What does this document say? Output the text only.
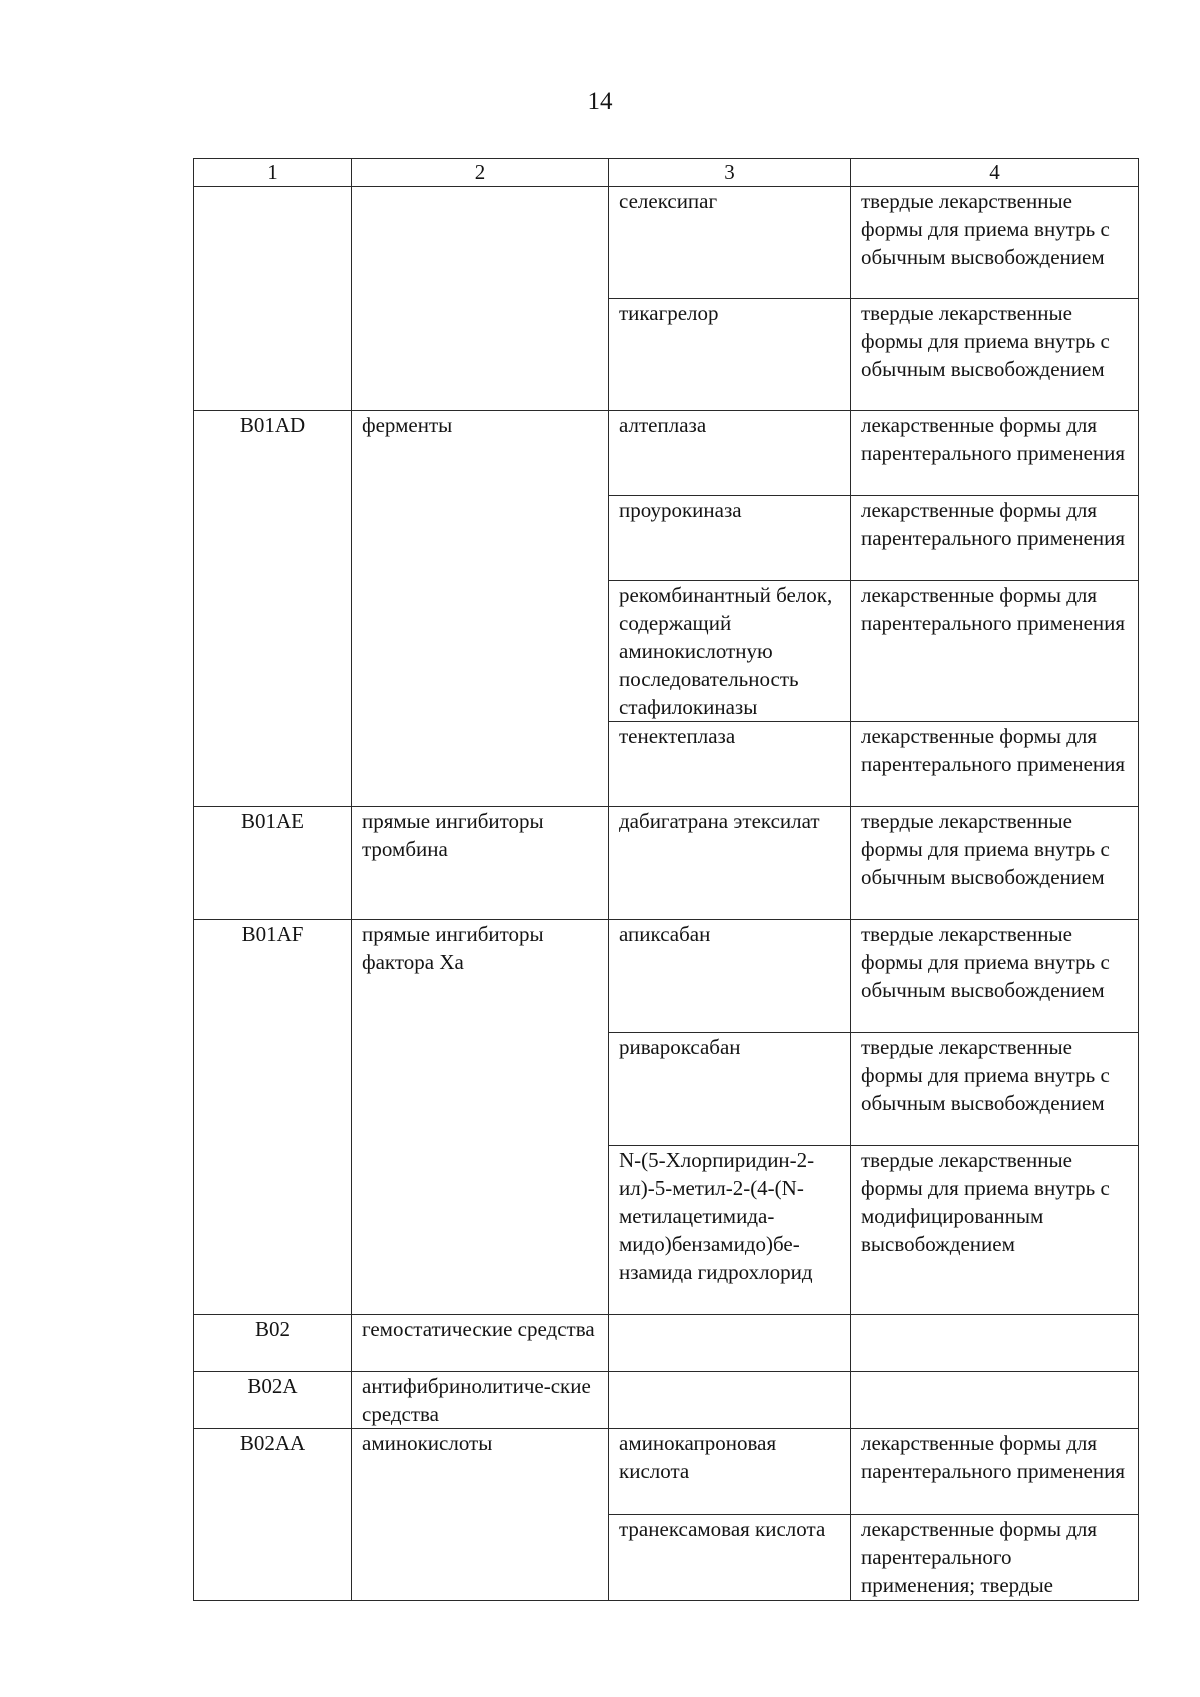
14
1	2	3	4
		селексипаг	твердые лекарственные формы для приема внутрь с обычным высвобождением
		тикагрелор	твердые лекарственные формы для приема внутрь с обычным высвобождением
B01AD	ферменты	алтеплаза	лекарственные формы для парентерального применения
		проурокиназа	лекарственные формы для парентерального применения
		рекомбинантный белок, содержащий аминокислотную последовательность стафилокиназы	лекарственные формы для парентерального применения
		тенектеплаза	лекарственные формы для парентерального применения
B01AE	прямые ингибиторы тромбина	дабигатрана этексилат	твердые лекарственные формы для приема внутрь с обычным высвобождением
B01AF	прямые ингибиторы фактора Xa	апиксабан	твердые лекарственные формы для приема внутрь с обычным высвобождением
		ривароксабан	твердые лекарственные формы для приема внутрь с обычным высвобождением
		N-(5-Хлорпиридин-2-ил)-5-метил-2-(4-(N-метилацетимида-мидо)бензамидо)бе-нзамида гидрохлорид	твердые лекарственные формы для приема внутрь с модифицированным высвобождением
B02	гемостатические средства		
B02A	антифибринолитиче-ские средства		
B02AA	аминокислоты	аминокапроновая кислота	лекарственные формы для парентерального применения
		транексамовая кислота	лекарственные формы для парентерального применения; твердые
